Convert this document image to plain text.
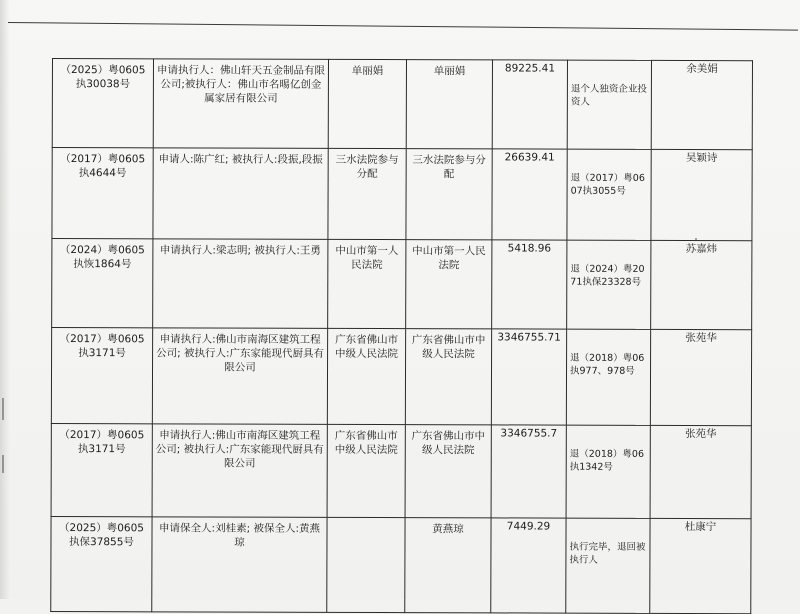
（2025）粤0605执30038号	申请执行人：佛山轩天五金制品有限公司;被执行人：佛山市名晹亿创金属家居有限公司	单丽娟	单丽娟	89225.41	退个人独资企业投资人	余美娟
（2017）粤0605执4644号	申请人:陈广红; 被执行人:段振,段振	三水法院参与分配	三水法院参与分配	26639.41	退（2017）粤0607执3055号	吴颖诗
（2024）粤0605执恢1864号	申请执行人:梁志明; 被执行人:王勇	中山市第一人民法院	中山市第一人民法院	5418.96	退（2024）粤2071执保23328号	苏嘉炜
（2017）粤0605执3171号	申请执行人:佛山市南海区建筑工程公司; 被执行人:广东家能现代厨具有限公司	广东省佛山市中级人民法院	广东省佛山市中级人民法院	3346755.71	退（2018）粤06执977、978号	张苑华
（2017）粤0605执3171号	申请执行人:佛山市南海区建筑工程公司; 被执行人:广东家能现代厨具有限公司	广东省佛山市中级人民法院	广东省佛山市中级人民法院	3346755.7	退（2018）粤06执1342号	张苑华
（2025）粤0605执保37855号	申请保全人:刘桂素; 被保全人:黄燕琼		黄燕琼	7449.29	执行完毕，退回被执行人	杜康宁
